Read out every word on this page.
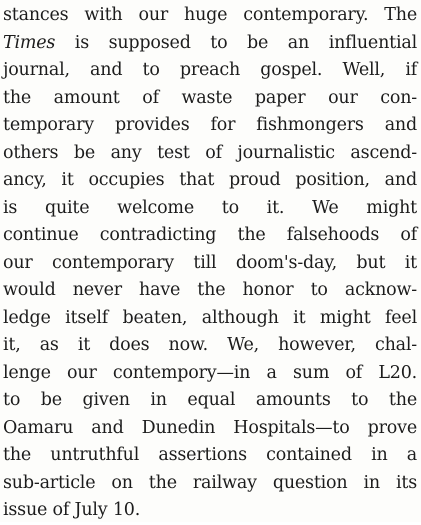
stances with our huge contemporary. The
Times is supposed to be an influential
journal, and to preach gospel. Well, if
the amount of waste paper our con-
temporary provides for fishmongers and
others be any test of journalistic ascend-
ancy, it occupies that proud position, and
is quite welcome to it. We might
continue contradicting the falsehoods of
our contemporary till doom's-day, but it
would never have the honor to acknow-
ledge itself beaten, although it might feel
it, as it does now. We, however, chal-
lenge our contempory—in a sum of L20.
to be given in equal amounts to the
Oamaru and Dunedin Hospitals—to prove
the untruthful assertions contained in a
sub-article on the railway question in its
issue of July 10.
